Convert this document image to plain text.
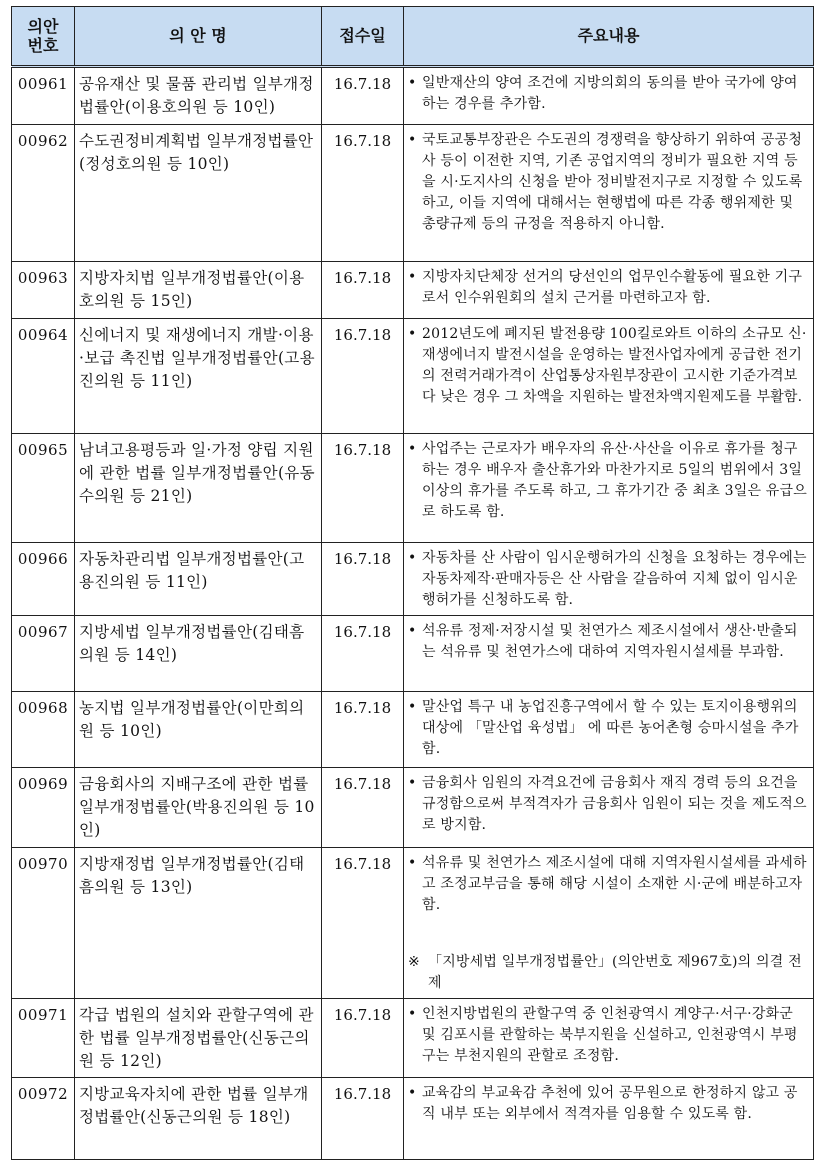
의안
번호	의 안 명	접수일	주요내용
00961	공유재산 및 물품 관리법 일부개정법률안(이용호의원 등 10인)	16.7.18	• 일반재산의 양여 조건에 지방의회의 동의를 받아 국가에 양여하는 경우를 추가함.

00962	수도권정비계획법 일부개정법률안(정성호의원 등 10인)	16.7.18	• 국토교통부장관은 수도권의 경쟁력을 향상하기 위하여 공공청사 등이 이전한 지역, 기존 공업지역의 정비가 필요한 지역 등을 시·도지사의 신청을 받아 정비발전지구로 지정할 수 있도록 하고, 이들 지역에 대해서는 현행법에 따른 각종 행위제한 및 총량규제 등의 규정을 적용하지 아니함.

00963	지방자치법 일부개정법률안(이용호의원 등 15인)	16.7.18	• 지방자치단체장 선거의 당선인의 업무인수활동에 필요한 기구로서 인수위원회의 설치 근거를 마련하고자 함.

00964	신에너지 및 재생에너지 개발·이용·보급 촉진법 일부개정법률안(고용진의원 등 11인)	16.7.18	• 2012년도에 폐지된 발전용량 100킬로와트 이하의 소규모 신·재생에너지 발전시설을 운영하는 발전사업자에게 공급한 전기의 전력거래가격이 산업통상자원부장관이 고시한 기준가격보다 낮은 경우 그 차액을 지원하는 발전차액지원제도를 부활함.

00965	남녀고용평등과 일·가정 양립 지원에 관한 법률 일부개정법률안(유동수의원 등 21인)	16.7.18	• 사업주는 근로자가 배우자의 유산·사산을 이유로 휴가를 청구하는 경우 배우자 출산휴가와 마찬가지로 5일의 범위에서 3일 이상의 휴가를 주도록 하고, 그 휴가기간 중 최초 3일은 유급으로 하도록 함.

00966	자동차관리법 일부개정법률안(고용진의원 등 11인)	16.7.18	• 자동차를 산 사람이 임시운행허가의 신청을 요청하는 경우에는 자동차제작·판매자등은 산 사람을 갈음하여 지체 없이 임시운행허가를 신청하도록 함.

00967	지방세법 일부개정법률안(김태흠의원 등 14인)	16.7.18	• 석유류 정제·저장시설 및 천연가스 제조시설에서 생산·반출되는 석유류 및 천연가스에 대하여 지역자원시설세를 부과함.

00968	농지법 일부개정법률안(이만희의원 등 10인)	16.7.18	• 말산업 특구 내 농업진흥구역에서 할 수 있는 토지이용행위의 대상에 「말산업 육성법」 에 따른 농어촌형 승마시설을 추가함.

00969	금융회사의 지배구조에 관한 법률 일부개정법률안(박용진의원 등 10인)	16.7.18	• 금융회사 임원의 자격요건에 금융회사 재직 경력 등의 요건을 규정함으로써 부적격자가 금융회사 임원이 되는 것을 제도적으로 방지함.

00970	지방재정법 일부개정법률안(김태흠의원 등 13인)	16.7.18	• 석유류 및 천연가스 제조시설에 대해 지역자원시설세를 과세하고 조정교부금을 통해 해당 시설이 소재한 시·군에 배분하고자 함.
※ 「지방세법 일부개정법률안」(의안번호 제967호)의 의결 전제

00971	각급 법원의 설치와 관할구역에 관한 법률 일부개정법률안(신동근의원 등 12인)	16.7.18	• 인천지방법원의 관할구역 중 인천광역시 계양구·서구·강화군 및 김포시를 관할하는 북부지원을 신설하고, 인천광역시 부평구는 부천지원의 관할로 조정함.

00972	지방교육자치에 관한 법률 일부개정법률안(신동근의원 등 18인)	16.7.18	• 교육감의 부교육감 추천에 있어 공무원으로 한정하지 않고 공직 내부 또는 외부에서 적격자를 임용할 수 있도록 함.
